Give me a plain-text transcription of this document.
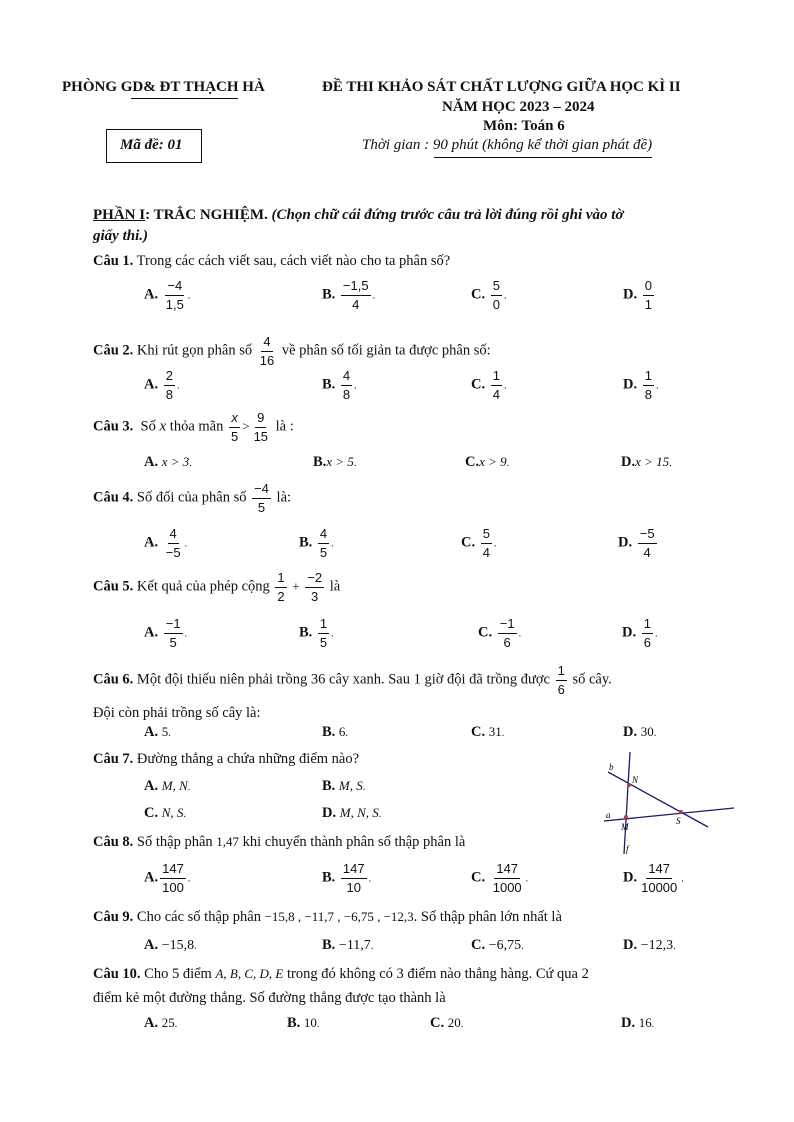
PHÒNG GD& ĐT THẠCH HÀ	ĐỀ THI KHẢO SÁT CHẤT LƯỢNG GIỮA HỌC KÌ II
NĂM HỌC 2023 – 2024
Môn: Toán 6
Mã đề: 01	Thời gian : 90 phút (không kể thời gian phát đề)
PHẦN I: TRẮC NGHIỆM. (Chọn chữ cái đứng trước câu trả lời đúng rồi ghi vào tờ
giấy thi.)
Câu 1. Trong các cách viết sau, cách viết nào cho ta phân số?
A. $\frac{-4}{1,5}$ .	B. $\frac{-1,5}{4}$ .	C. $\frac{5}{0}$ .	D. $\frac{0}{1}$
Câu 2. Khi rút gọn phân số $\frac{4}{16}$ về phân số tối giản ta được phân số:
A. $\frac{2}{8}$ .	B. $\frac{4}{8}$ .	C. $\frac{1}{4}$ .	D. $\frac{1}{8}$ .
Câu 3. Số x thỏa mãn $\frac{x}{5} > \frac{9}{15}$ là :
A. x > 3.	B.x > 5.	C.x > 9.	D.x > 15.
Câu 4. Số đối của phân số $\frac{-4}{5}$ là:
A. $\frac{4}{-5}$ .	B. $\frac{4}{5}$ .	C. $\frac{5}{4}$ .	D. $\frac{-5}{4}$
Câu 5. Kết quả của phép cộng $\frac{1}{2} + \frac{-2}{3}$ là
A. $\frac{-1}{5}$ .	B. $\frac{1}{5}$ .	C. $\frac{-1}{6}$ .	D. $\frac{1}{6}$ .
Câu 6. Một đội thiếu niên phải trồng 36 cây xanh. Sau 1 giờ đội đã trồng được $\frac{1}{6}$ số cây.
Đội còn phải trồng số cây là:
A. 5.	B. 6.	C. 31.	D. 30.
Câu 7. Đường thẳng a chứa những điểm nào?
A. M, N.	B. M, S.
C. N, S.	D. M, N, S.
b
N
a
M
S
f
Câu 8. Số thập phân 1,47 khi chuyển thành phân số thập phân là
A. $\frac{147}{100}$ .	B. $\frac{147}{10}$ .	C. $\frac{147}{1000}$ .	D. $\frac{147}{10000}$ .
Câu 9. Cho các số thập phân −15,8 , −11,7 , −6,75 , −12,3. Số thập phân lớn nhất là
A. −15,8.	B. −11,7.	C. −6,75.	D. −12,3.
Câu 10. Cho 5 điểm A, B, C, D, E trong đó không có 3 điểm nào thẳng hàng. Cứ qua 2
điểm kẻ một đường thẳng. Số đường thẳng được tạo thành là
A. 25.	B. 10.	C. 20.	D. 16.
